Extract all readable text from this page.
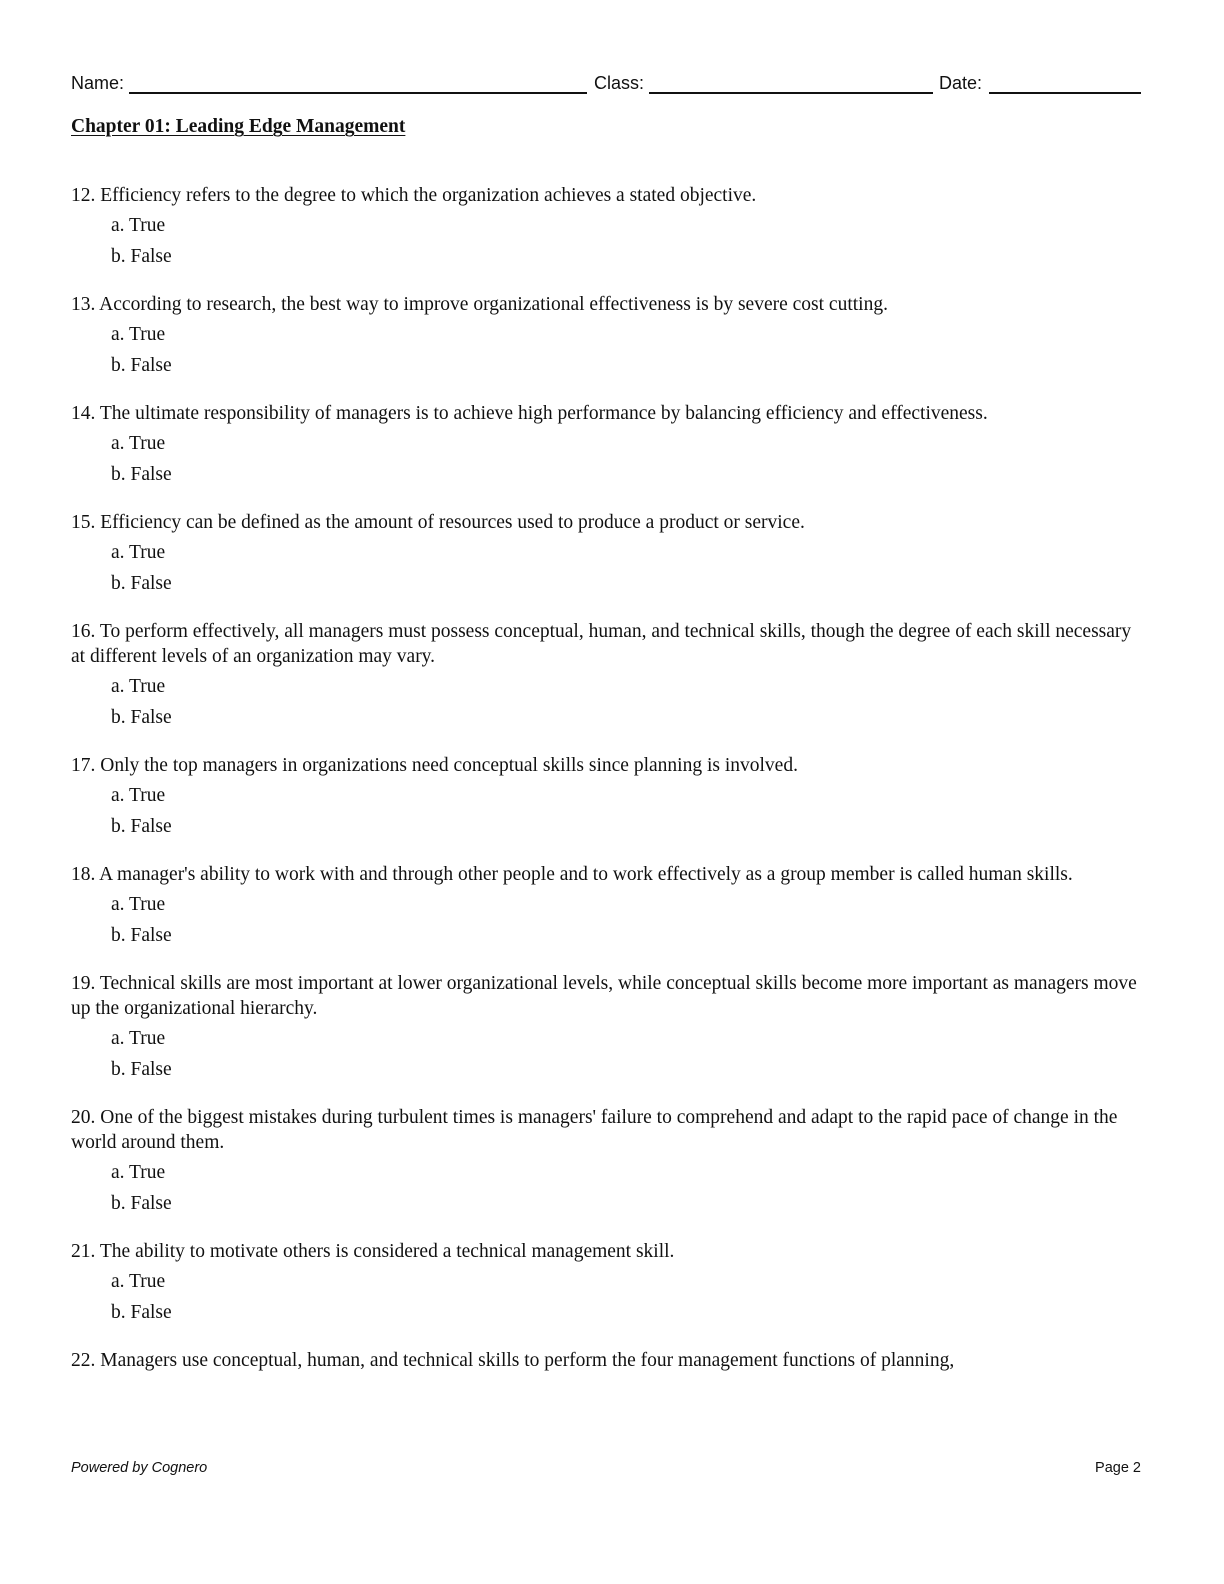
Name:	Class:	Date:
Chapter 01: Leading Edge Management

12. Efficiency refers to the degree to which the organization achieves a stated objective.

a. True
b. False

13. According to research, the best way to improve organizational effectiveness is by severe cost cutting.

a. True
b. False

14. The ultimate responsibility of managers is to achieve high performance by balancing efficiency and effectiveness.

a. True
b. False

15. Efficiency can be defined as the amount of resources used to produce a product or service.

a. True
b. False

16. To perform effectively, all managers must possess conceptual, human, and technical skills, though the degree of each skill necessary at different levels of an organization may vary.

a. True
b. False

17. Only the top managers in organizations need conceptual skills since planning is involved.

a. True
b. False

18. A manager's ability to work with and through other people and to work effectively as a group member is called human skills.

a. True
b. False

19. Technical skills are most important at lower organizational levels, while conceptual skills become more important as managers move up the organizational hierarchy.

a. True
b. False

20. One of the biggest mistakes during turbulent times is managers' failure to comprehend and adapt to the rapid pace of change in the world around them.

a. True
b. False

21. The ability to motivate others is considered a technical management skill.

a. True
b. False

22. Managers use conceptual, human, and technical skills to perform the four management functions of planning,

Powered by Cognero	Page 2
